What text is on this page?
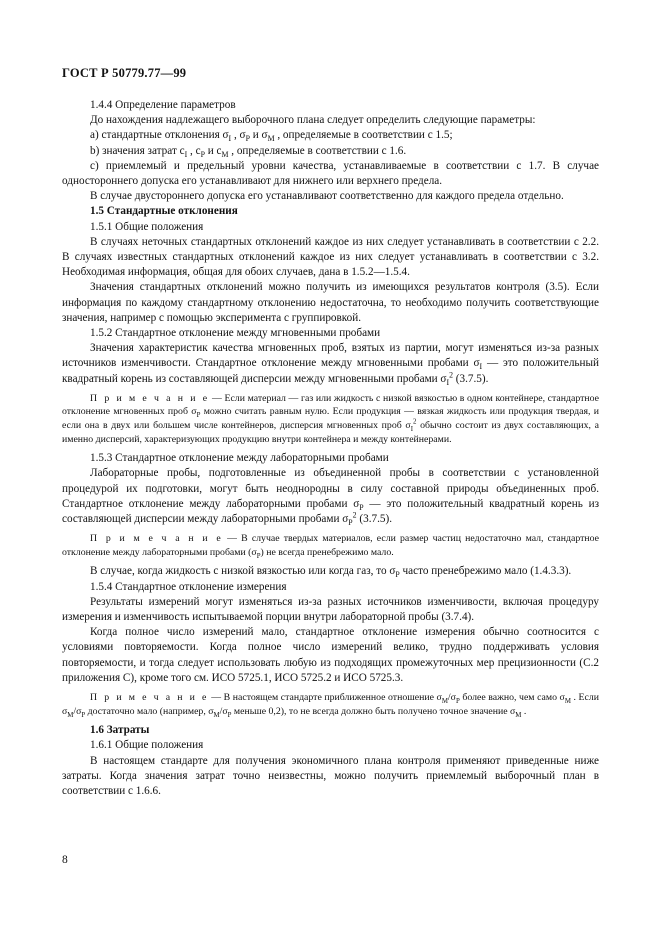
ГОСТ Р 50779.77—99

1.4.4 Определение параметров

До нахождения надлежащего выборочного плана следует определить следующие параметры:

а) стандартные отклонения $\sigma_I$ , $\sigma_P$ и $\sigma_M$ , определяемые в соответствии с 1.5;

b) значения затрат $c_I$ , $c_P$ и $c_M$ , определяемые в соответствии с 1.6.

с) приемлемый и предельный уровни качества, устанавливаемые в соответствии с 1.7. В случае одностороннего допуска его устанавливают для нижнего или верхнего предела.

В случае двустороннего допуска его устанавливают соответственно для каждого предела отдельно.

1.5 Стандартные отклонения

1.5.1 Общие положения

В случаях неточных стандартных отклонений каждое из них следует устанавливать в соответствии с 2.2. В случаях известных стандартных отклонений каждое из них следует устанавливать в соответствии с 3.2. Необходимая информация, общая для обоих случаев, дана в 1.5.2—1.5.4.

Значения стандартных отклонений можно получить из имеющихся результатов контроля (3.5). Если информация по каждому стандартному отклонению недостаточна, то необходимо получить соответствующие значения, например с помощью эксперимента с группировкой.

1.5.2 Стандартное отклонение между мгновенными пробами

Значения характеристик качества мгновенных проб, взятых из партии, могут изменяться из-за разных источников изменчивости. Стандартное отклонение между мгновенными пробами $\sigma_I$ — это положительный квадратный корень из составляющей дисперсии между мгновенными пробами $\sigma_I^2$ (3.7.5).

П р и м е ч а н и е — Если материал — газ или жидкость с низкой вязкостью в одном контейнере, стандартное отклонение мгновенных проб $\sigma_P$ можно считать равным нулю. Если продукция — вязкая жидкость или продукция твердая, и если она в двух или большем числе контейнеров, дисперсия мгновенных проб $\sigma_I^2$ обычно состоит из двух составляющих, а именно дисперсий, характеризующих продукцию внутри контейнера и между контейнерами.

1.5.3 Стандартное отклонение между лабораторными пробами

Лабораторные пробы, подготовленные из объединенной пробы в соответствии с установленной процедурой их подготовки, могут быть неоднородны в силу составной природы объединенных проб. Стандартное отклонение между лабораторными пробами $\sigma_P$ — это положительный квадратный корень из составляющей дисперсии между лабораторными пробами $\sigma_P^2$ (3.7.5).

П р и м е ч а н и е — В случае твердых материалов, если размер частиц недостаточно мал, стандартное отклонение между лабораторными пробами $(\sigma_P)$ не всегда пренебрежимо мало.

В случае, когда жидкость с низкой вязкостью или когда газ, то $\sigma_P$ часто пренебрежимо мало (1.4.3.3).

1.5.4 Стандартное отклонение измерения

Результаты измерений могут изменяться из-за разных источников изменчивости, включая процедуру измерения и изменчивость испытываемой порции внутри лабораторной пробы (3.7.4).

Когда полное число измерений мало, стандартное отклонение измерения обычно соотносится с условиями повторяемости. Когда полное число измерений велико, трудно поддерживать условия повторяемости, и тогда следует использовать любую из подходящих промежуточных мер прецизионности (С.2 приложения С), кроме того см. ИСО 5725.1, ИСО 5725.2 и ИСО 5725.3.

П р и м е ч а н и е — В настоящем стандарте приближенное отношение $\sigma_M/\sigma_P$ более важно, чем само $\sigma_M$ . Если $\sigma_M/\sigma_P$ достаточно мало (например, $\sigma_M/\sigma_P$ меньше 0,2), то не всегда должно быть получено точное значение $\sigma_M$ .

1.6 Затраты

1.6.1 Общие положения

В настоящем стандарте для получения экономичного плана контроля применяют приведенные ниже затраты. Когда значения затрат точно неизвестны, можно получить приемлемый выборочный план в соответствии с 1.6.6.

8
